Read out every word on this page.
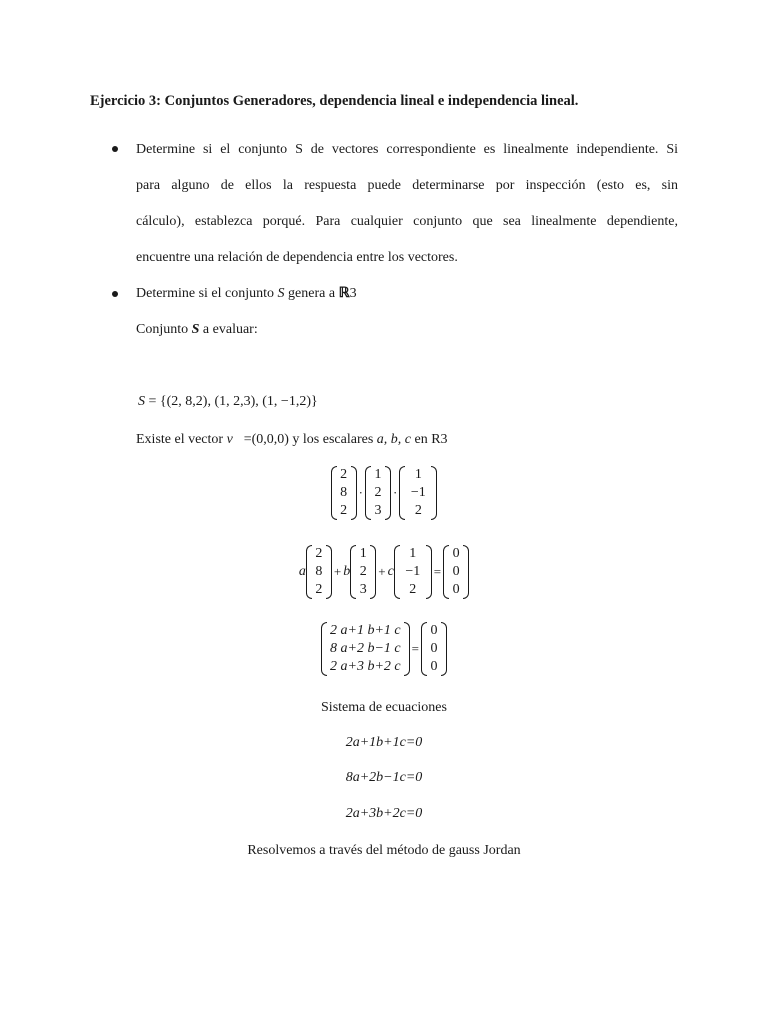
Ejercicio 3: Conjuntos Generadores, dependencia lineal e independencia lineal.
Determine si el conjunto S de vectores correspondiente es linealmente independiente. Si
para alguno de ellos la respuesta puede determinarse por inspección (esto es, sin
cálculo), establezca porqué. Para cualquier conjunto que sea linealmente dependiente,
encuentre una relación de dependencia entre los vectores.
Determine si el conjunto S genera a ℝ3
Conjunto S a evaluar:
S = {(2, 8,2), (1, 2,3), (1, −1,2)}
Existe el vector v⃗=(0,0,0) y los escalares a, b, c en R3
2
8
2
·
1
2
3
·
1
−1
2
a
2
8
2
+ b
1
2
3
+ c
1
−1
2
=
0
0
0
2 a+1 b+1 c
8 a+2 b−1 c
2 a+3 b+2 c
=
0
0
0
Sistema de ecuaciones
2a+1b+1c=0
8a+2b−1c=0
2a+3b+2c=0
Resolvemos a través del método de gauss Jordan
